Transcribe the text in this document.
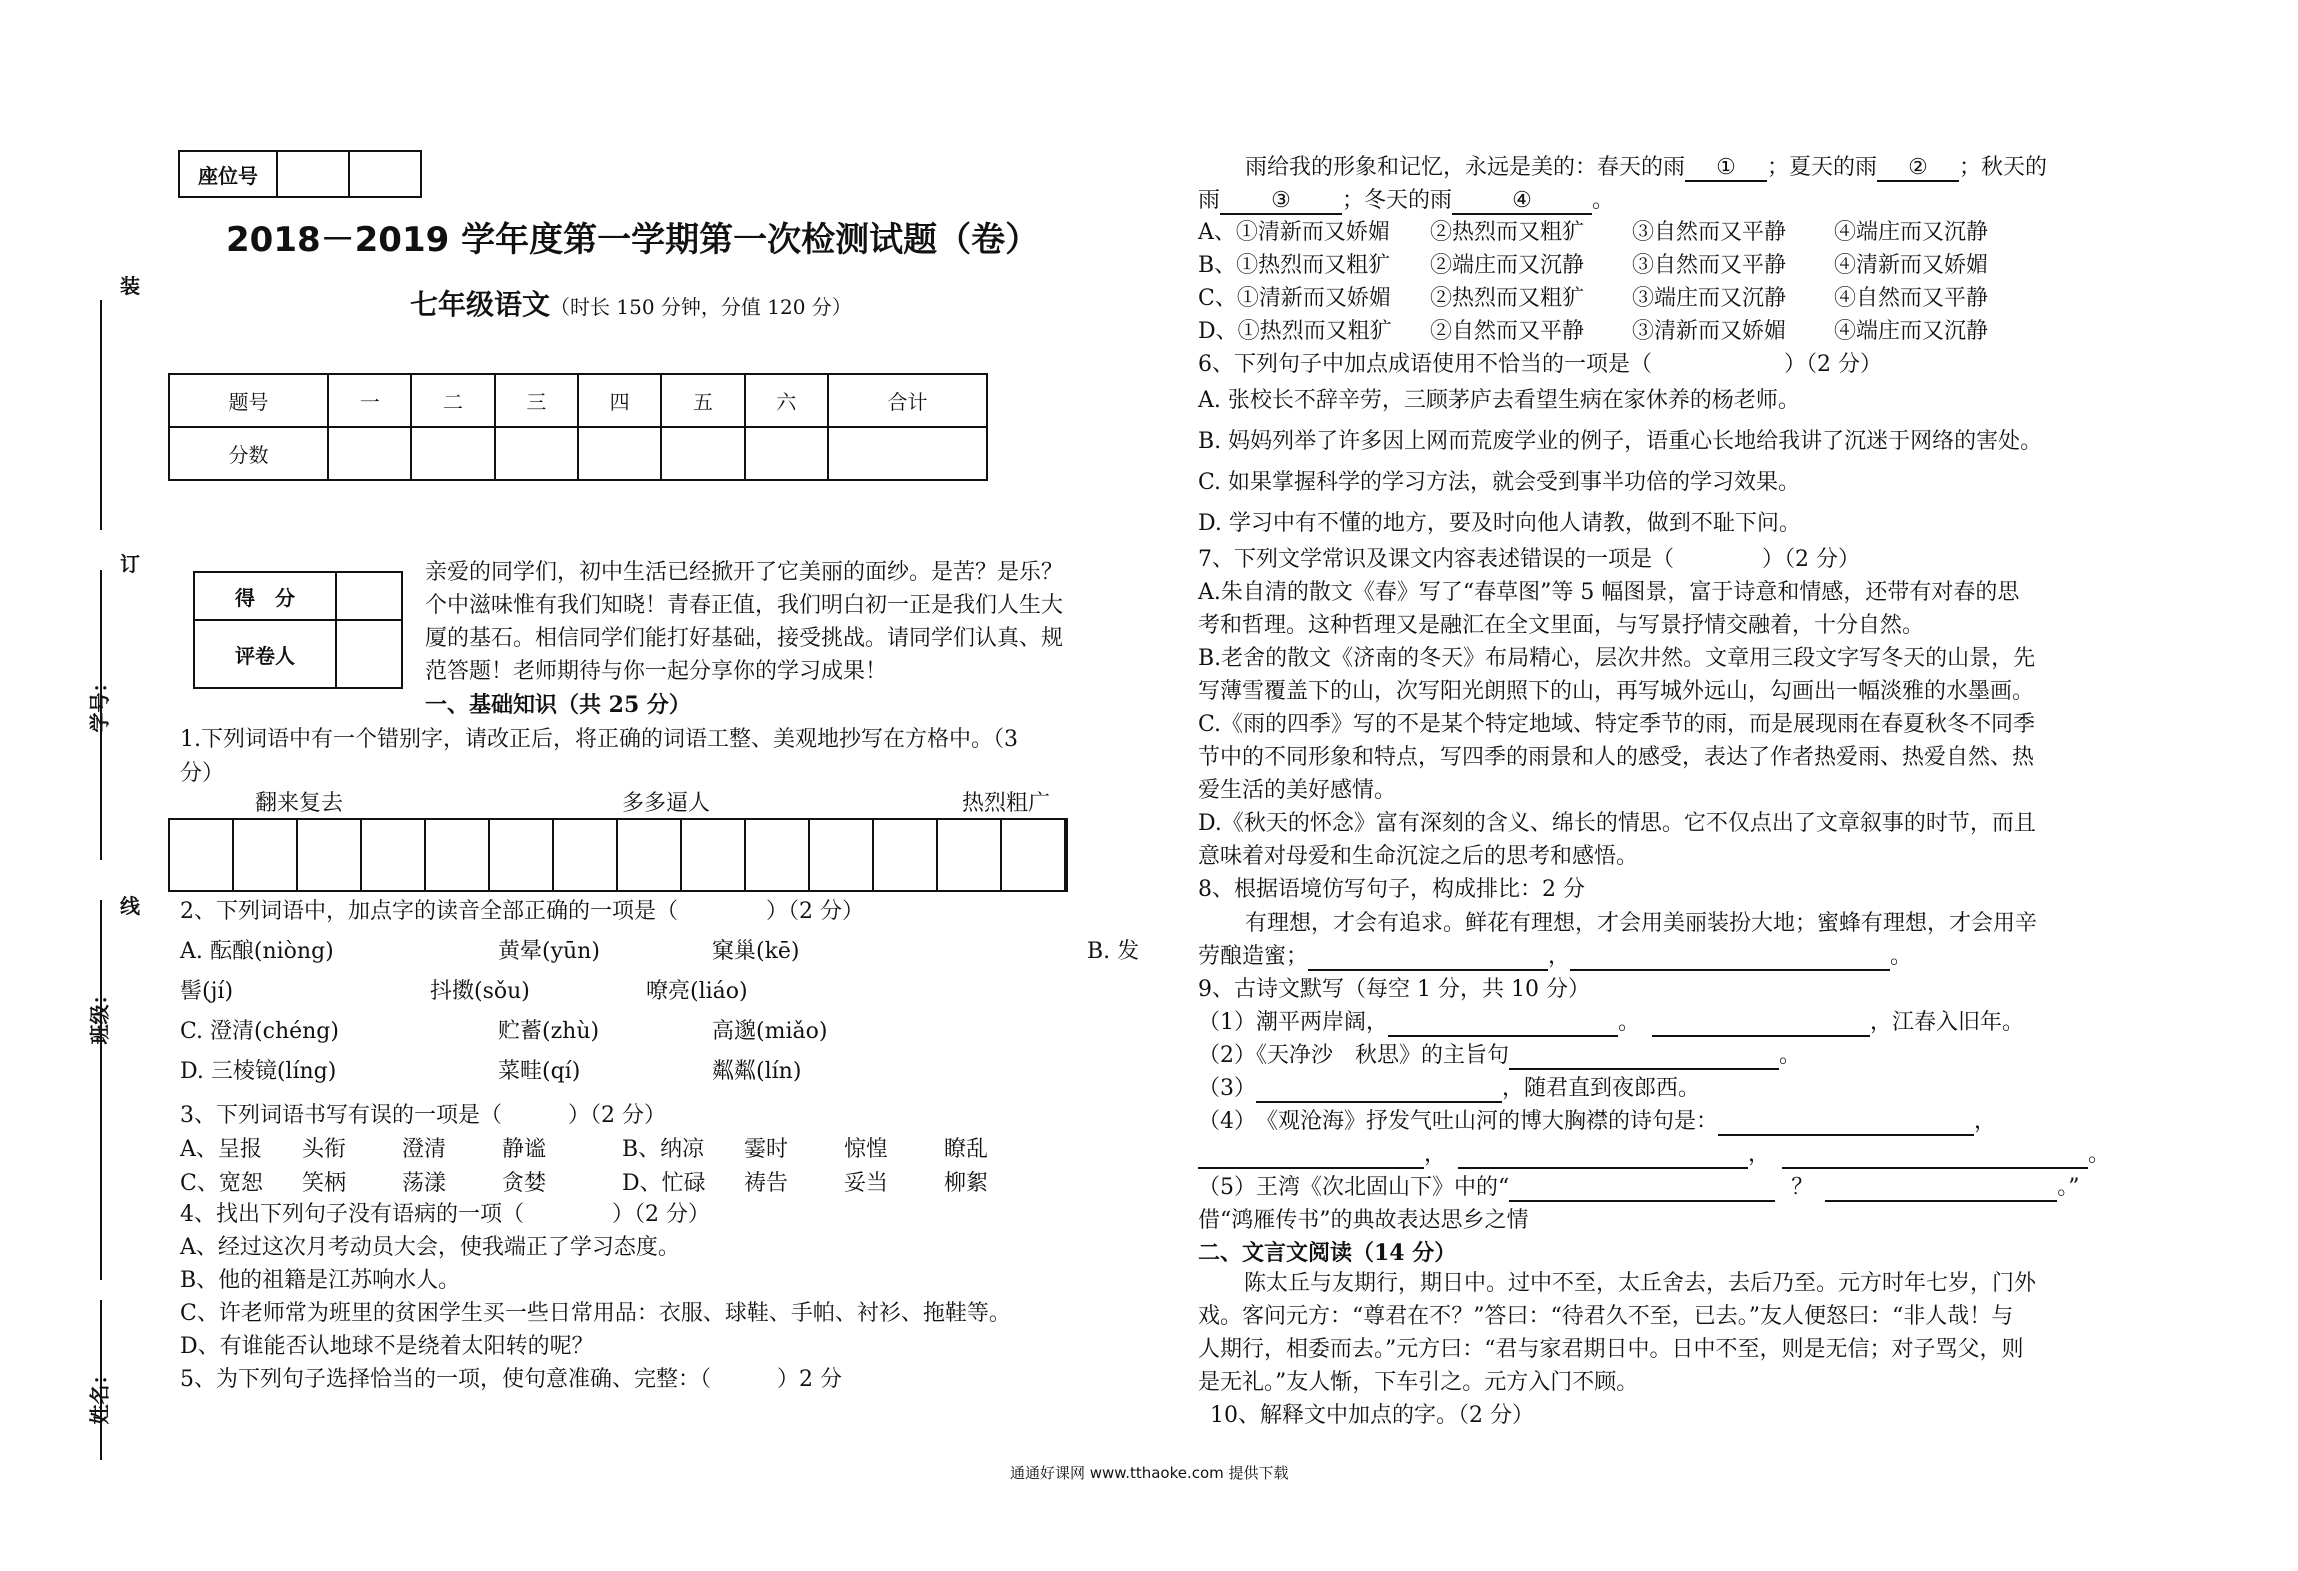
座位号		
2018－2019 学年度第一学期第一次检测试题（卷）
七年级语文（时长 150 分钟，分值 120 分）
装
订
线
学号：
班级：
姓名：
题号	一	二	三	四	五	六	合计
分数							
得　分	
评卷人	
亲爱的同学们，初中生活已经掀开了它美丽的面纱。是苦？是乐？
个中滋味惟有我们知晓！青春正值，我们明白初一正是我们人生大
厦的基石。相信同学们能打好基础，接受挑战。请同学们认真、规
范答题！老师期待与你一起分享你的学习成果！
一、基础知识（共 25 分）
1.下列词语中有一个错别字，请改正后，将正确的词语工整、美观地抄写在方格中。（3
分）
翻来复去	多多逼人	热烈粗广
2、下列词语中，加点字的读音全部正确的一项是（　　　　）（2 分）
A. 酝酿(niòng)	黄晕(yūn)	窠巢(kē)	B. 发
髻(jí)	抖擞(sǒu)	嘹亮(liáo)
C. 澄清(chéng)	贮蓄(zhù)	高邈(miǎo)
D. 三棱镜(líng)	菜畦(qí)	粼粼(lín)
3、下列词语书写有误的一项是（　　　）（2 分）
A、呈报 头衔	澄清	静谧	B、纳凉 霎时	惊惶	瞭乱
C、宽恕 笑柄	荡漾	贪婪	D、忙碌 祷告	妥当	柳絮
4、找出下列句子没有语病的一项（　　　　）（2 分）
A、经过这次月考动员大会，使我端正了学习态度。
B、他的祖籍是江苏响水人。
C、许老师常为班里的贫困学生买一些日常用品：衣服、球鞋、手帕、衬衫、拖鞋等。
D、有谁能否认地球不是绕着太阳转的呢？
5、为下列句子选择恰当的一项，使句意准确、完整：（　　　）2 分
雨给我的形象和记忆，永远是美的：春天的雨 ① ；夏天的雨 ② ；秋天的
雨 ③ ；冬天的雨	④	。
A、①清新而又娇媚 ②热烈而又粗犷 ③自然而又平静 ④端庄而又沉静
B、①热烈而又粗犷 ②端庄而又沉静 ③自然而又平静 ④清新而又娇媚
C、①清新而又娇媚 ②热烈而又粗犷 ③端庄而又沉静 ④自然而又平静
D、①热烈而又粗犷 ②自然而又平静 ③清新而又娇媚 ④端庄而又沉静
6、下列句子中加点成语使用不恰当的一项是（　　　　　　）（2 分）
A. 张校长不辞辛劳，三顾茅庐去看望生病在家休养的杨老师。
B. 妈妈列举了许多因上网而荒废学业的例子，语重心长地给我讲了沉迷于网络的害处。
C. 如果掌握科学的学习方法，就会受到事半功倍的学习效果。
D. 学习中有不懂的地方，要及时向他人请教，做到不耻下问。
7、下列文学常识及课文内容表述错误的一项是（　　　　）（2 分）
A.朱自清的散文《春》写了“春草图”等 5 幅图景，富于诗意和情感，还带有对春的思
考和哲理。这种哲理又是融汇在全文里面，与写景抒情交融着，十分自然。
B.老舍的散文《济南的冬天》布局精心，层次井然。文章用三段文字写冬天的山景，先
写薄雪覆盖下的山，次写阳光朗照下的山，再写城外远山，勾画出一幅淡雅的水墨画。
C.《雨的四季》写的不是某个特定地域、特定季节的雨，而是展现雨在春夏秋冬不同季
节中的不同形象和特点，写四季的雨景和人的感受，表达了作者热爱雨、热爱自然、热
爱生活的美好感情。
D.《秋天的怀念》富有深刻的含义、绵长的情思。它不仅点出了文章叙事的时节，而且
意味着对母爱和生命沉淀之后的思考和感悟。
8、根据语境仿写句子，构成排比：2 分
有理想，才会有追求。鲜花有理想，才会用美丽装扮大地；蜜蜂有理想，才会用辛
劳酿造蜜；	，	。
9、古诗文默写（每空 1 分，共 10 分）
（1）潮平两岸阔，	。	，江春入旧年。
（2）《天净沙　秋思》的主旨句	。
（3）	，随君直到夜郎西。
（4）　《观沧海》抒发气吐山河的博大胸襟的诗句是：	，
，	，	。
（5）王湾《次北固山下》中的“	？	。”
借“鸿雁传书”的典故表达思乡之情
二、文言文阅读（14 分）
陈太丘与友期行，期日中。过中不至，太丘舍去，去后乃至。元方时年七岁，门外
戏。客问元方：“尊君在不？”答曰：“待君久不至，已去。”友人便怒曰：“非人哉！与
人期行，相委而去。”元方曰：“君与家君期日中。日中不至，则是无信；对子骂父，则
是无礼。”友人惭，下车引之。元方入门不顾。
10、解释文中加点的字。（2 分）
通通好课网 www.tthaoke.com 提供下载
